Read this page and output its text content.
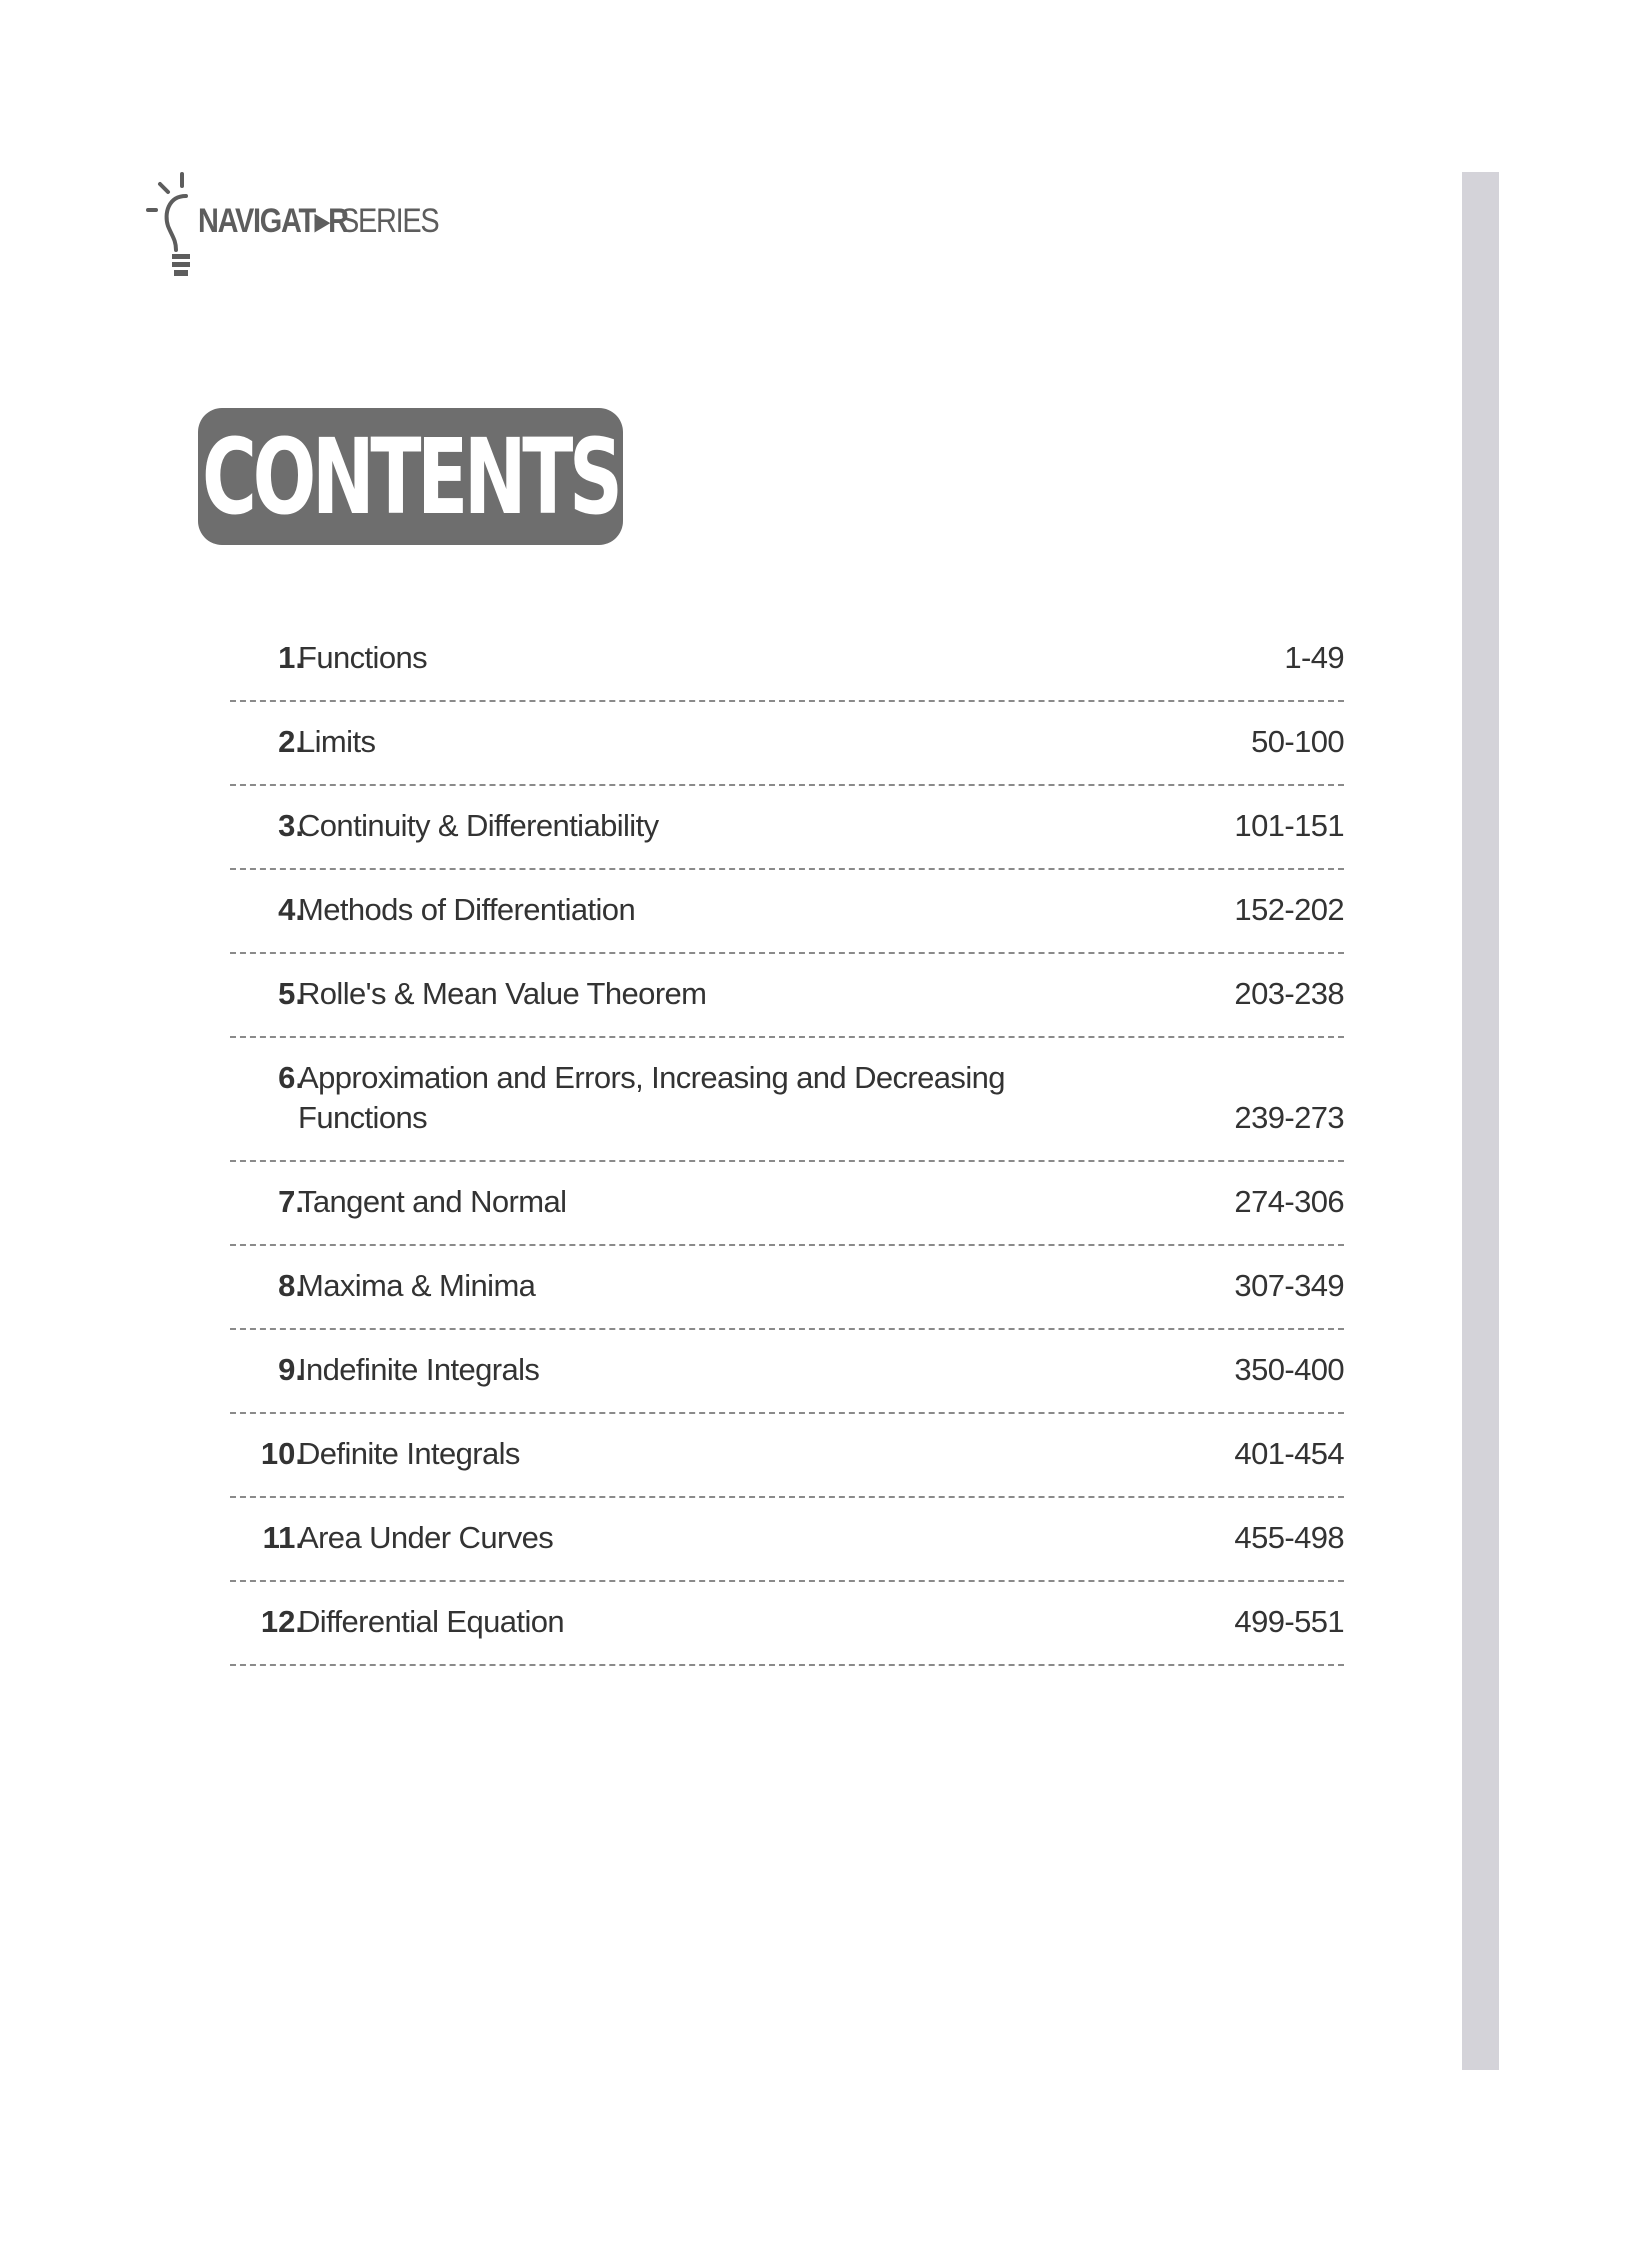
NAVIGAT▸RSERIES
CONTENTS
1.
Functions	1-49
2.
Limits	50-100
3.
Continuity & Differentiability	101-151
4.
Methods of Differentiation	152-202
5.
Rolle's & Mean Value Theorem	203-238
6.
Approximation and Errors, Increasing and Decreasing
Functions	239-273
7.
Tangent and Normal	274-306
8.
Maxima & Minima	307-349
9.
Indefinite Integrals	350-400
10.
Definite Integrals	401-454
11.
Area Under Curves	455-498
12.
Differential Equation	499-551
